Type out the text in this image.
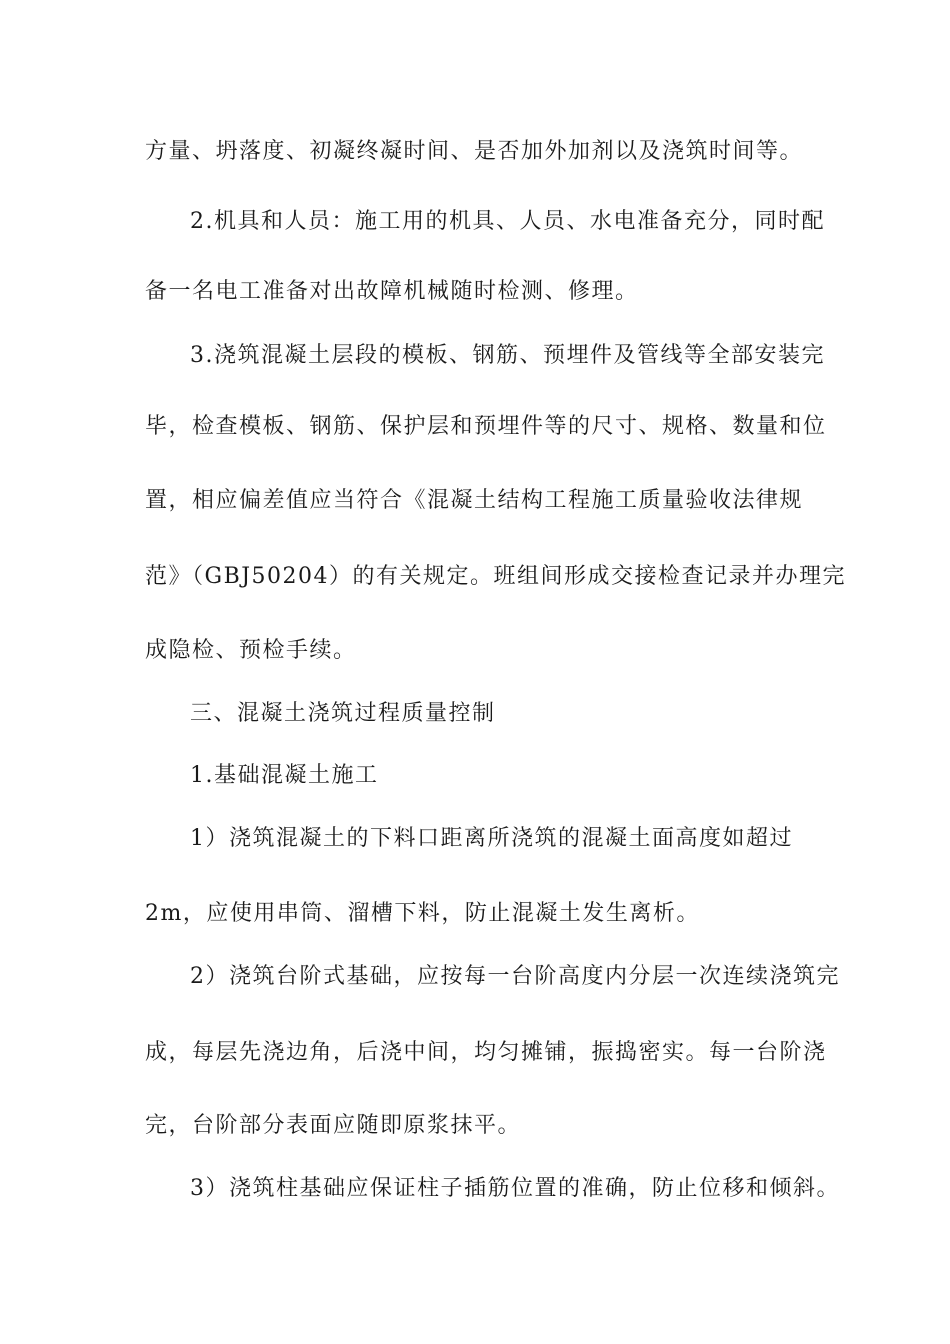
方量、坍落度、初凝终凝时间、是否加外加剂以及浇筑时间等。
2.机具和人员：施工用的机具、人员、水电准备充分，同时配
备一名电工准备对出故障机械随时检测、修理。
3.浇筑混凝土层段的模板、钢筋、预埋件及管线等全部安装完
毕，检查模板、钢筋、保护层和预埋件等的尺寸、规格、数量和位
置，相应偏差值应当符合《混凝土结构工程施工质量验收法律规
范》（GBJ50204）的有关规定。班组间形成交接检查记录并办理完
成隐检、预检手续。
三、混凝土浇筑过程质量控制
1.基础混凝土施工
1）浇筑混凝土的下料口距离所浇筑的混凝土面高度如超过
2m，应使用串筒、溜槽下料，防止混凝土发生离析。
2）浇筑台阶式基础，应按每一台阶高度内分层一次连续浇筑完
成，每层先浇边角，后浇中间，均匀摊铺，振捣密实。每一台阶浇
完，台阶部分表面应随即原浆抹平。
3）浇筑柱基础应保证柱子插筋位置的准确，防止位移和倾斜。
